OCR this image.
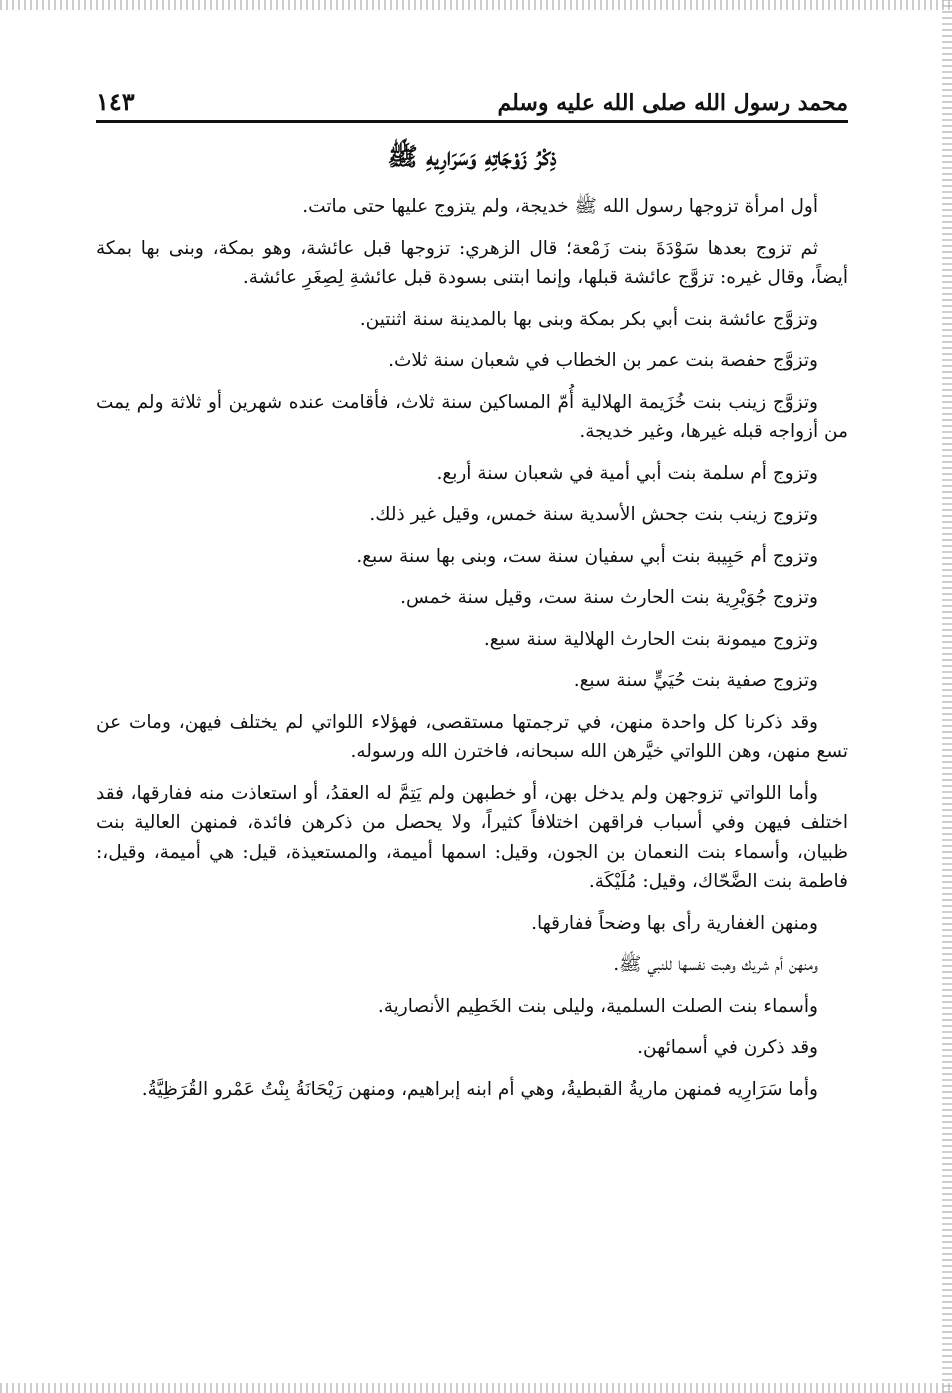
محمد رسول الله صلى الله عليه وسلم
١٤٣
ذِكْرُ زَوْجَاتِهِ وَسَرَارِيهِ ﷺ

أول امرأة تزوجها رسول الله ﷺ خديجة، ولم يتزوج عليها حتى ماتت.

ثم تزوج بعدها سَوْدَةَ بنت زَمْعة؛ قال الزهري: تزوجها قبل عائشة، وهو بمكة، وبنى بها بمكة أيضاً، وقال غيره: تزوَّج عائشة قبلها، وإنما ابتنى بسودة قبل عائشةِ لِصِغَرِ عائشة.

وتزوَّج عائشة بنت أبي بكر بمكة وبنى بها بالمدينة سنة اثنتين.

وتزوَّج حفصة بنت عمر بن الخطاب في شعبان سنة ثلاث.

وتزوَّج زينب بنت خُزَيمة الهلالية أُمّ المساكين سنة ثلاث، فأقامت عنده شهرين أو ثلاثة ولم يمت من أزواجه قبله غيرها، وغير خديجة.

وتزوج أم سلمة بنت أبي أمية في شعبان سنة أربع.

وتزوج زينب بنت جحش الأسدية سنة خمس، وقيل غير ذلك.

وتزوج أم حَبِيبة بنت أبي سفيان سنة ست، وبنى بها سنة سبع.

وتزوج جُوَيْرِية بنت الحارث سنة ست، وقيل سنة خمس.

وتزوج ميمونة بنت الحارث الهلالية سنة سبع.

وتزوج صفية بنت حُيَيٍّ سنة سبع.

وقد ذكرنا كل واحدة منهن، في ترجمتها مستقصى، فهؤلاء اللواتي لم يختلف فيهن، ومات عن تسع منهن، وهن اللواتي خيَّرهن الله سبحانه، فاخترن الله ورسوله.

وأما اللواتي تزوجهن ولم يدخل بهن، أو خطبهن ولم يَتِمَّ له العقدُ، أو استعاذت منه ففارقها، فقد اختلف فيهن وفي أسباب فراقهن اختلافاً كثيراً، ولا يحصل من ذكرهن فائدة، فمنهن العالية بنت ظبيان، وأسماء بنت النعمان بن الجون، وقيل: اسمها أميمة، والمستعيذة، قيل: هي أميمة، وقيل،: فاطمة بنت الضَّحّاك، وقيل: مُلَيْكَة.

ومنهن الغفارية رأى بها وضحاً ففارقها.

ومنهن أم شريك وهبت نفسها للنبي ﷺ.

وأسماء بنت الصلت السلمية، وليلى بنت الخَطِيم الأنصارية.

وقد ذكرن في أسمائهن.

وأما سَرَارِيه فمنهن ماريةُ القبطيةُ، وهي أم ابنه إبراهيم، ومنهن رَيْحَانَةُ بِنْتُ عَمْرو القُرَظِيَّةُ.
